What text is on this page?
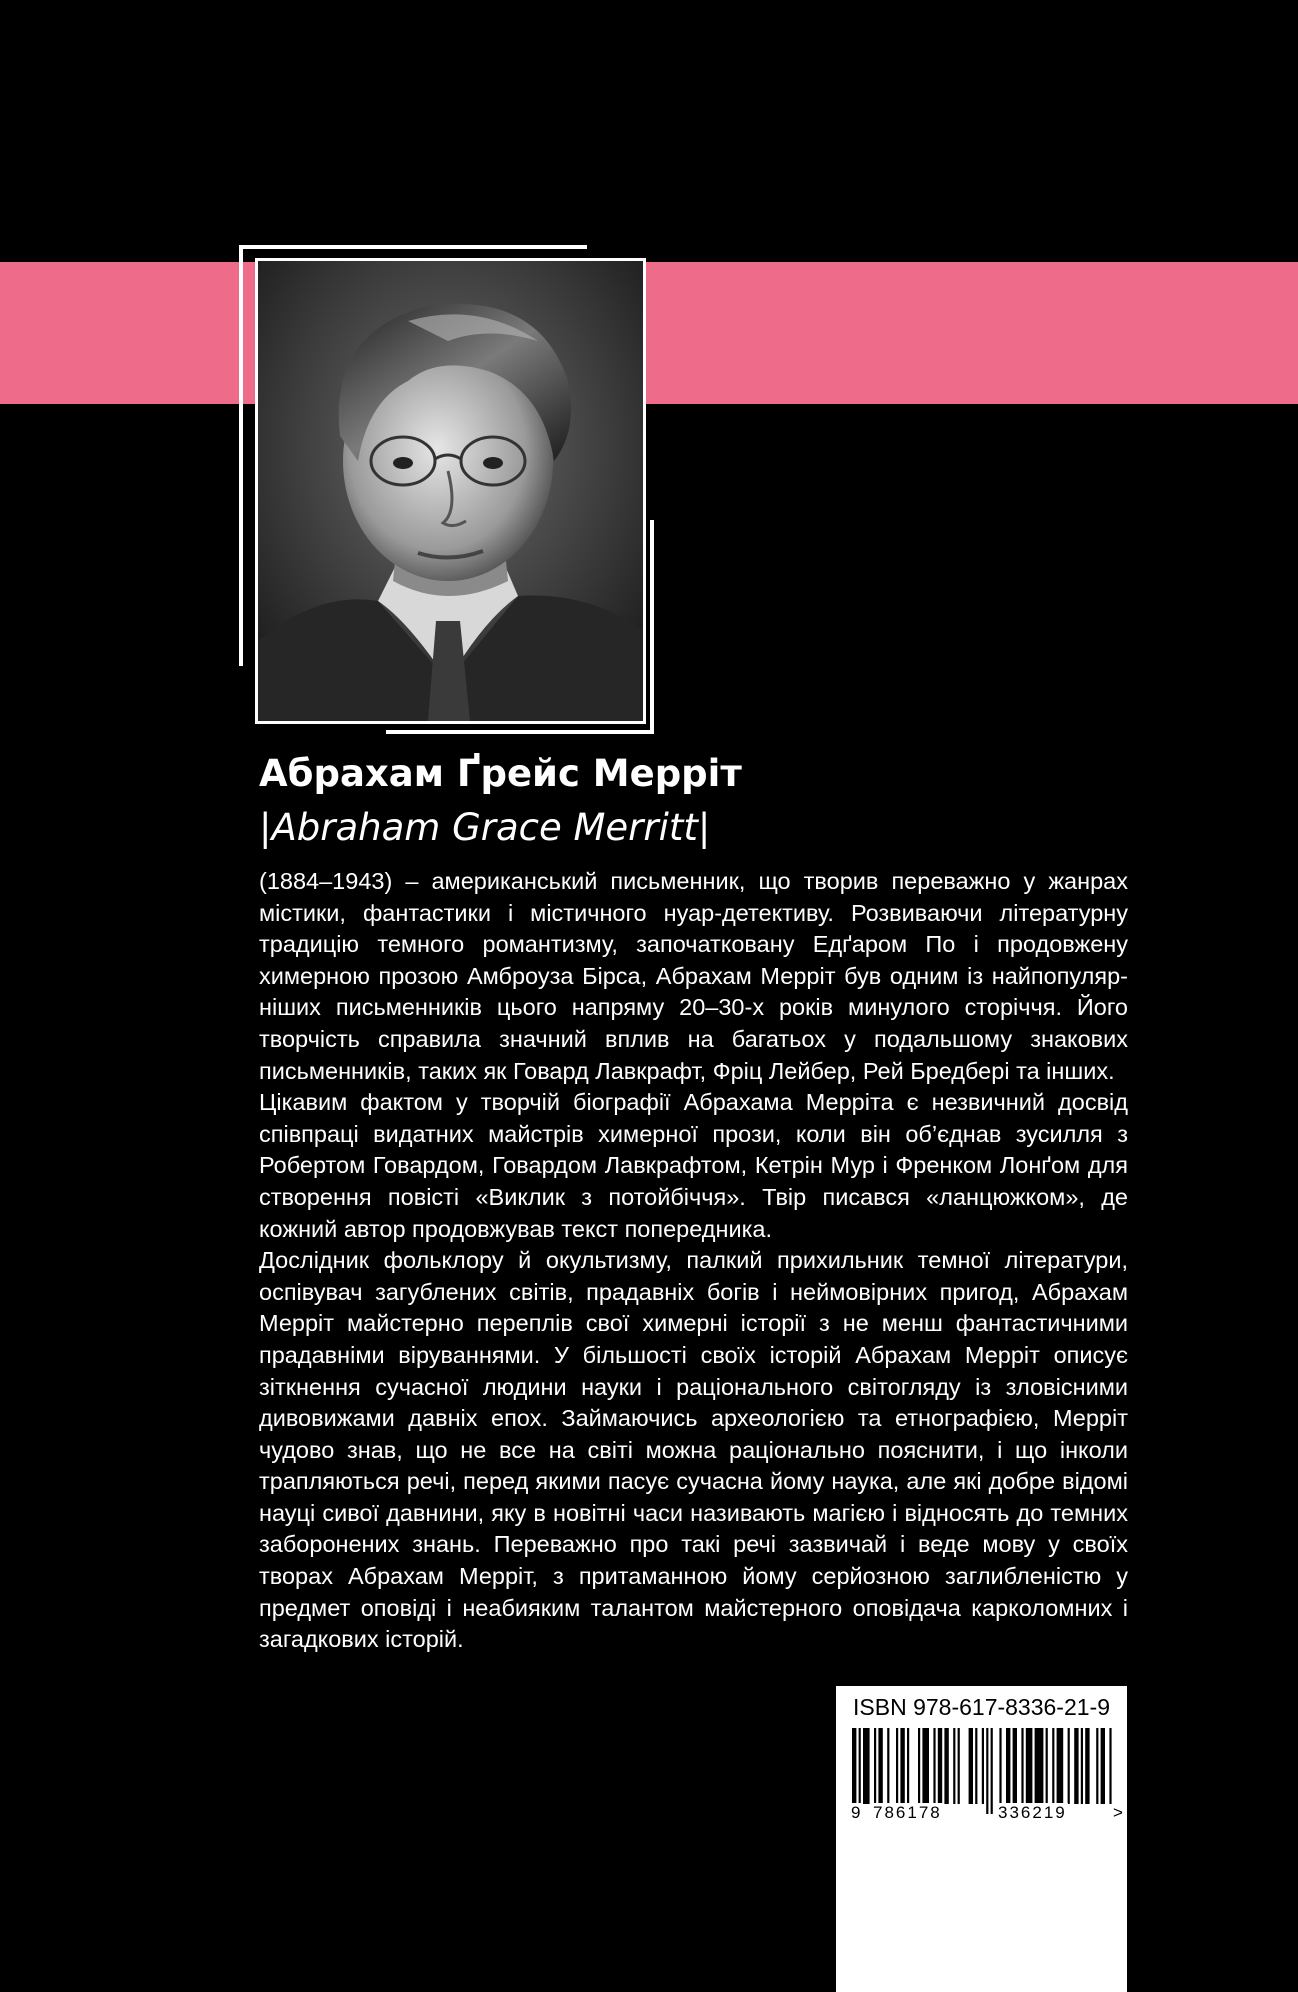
Абрахам Ґрейс Мерріт
|Abraham Grace Merritt|

(1884–1943) – американський письменник, що творив переважно у жанрах містики, фантастики і містичного нуар-детективу. Розвиваючи літературну традицію темного романтизму, започатковану Едґаром По і продовжену химерною прозою Амброуза Бірса, Абрахам Мерріт був одним із найпопулярніших письменників цього напряму 20–30-х років минулого сторіччя. Його творчість справила значний вплив на багатьох у подальшому знакових письменників, таких як Говард Лавкрафт, Фріц Лейбер, Рей Бредбері та інших.

Цікавим фактом у творчій біографії Абрахама Мерріта є незвичний досвід співпраці видатних майстрів химерної прози, коли він об’єднав зусилля з Робертом Говардом, Говардом Лавкрафтом, Кетрін Мур і Френком Лонґом для створення повісті «Виклик з потойбіччя». Твір писався «ланцюжком», де кожний автор продовжував текст попередника.

Дослідник фольклору й окультизму, палкий прихильник темної літератури, оспівувач загублених світів, прадавніх богів і неймовірних пригод, Абрахам Мерріт майстерно переплів свої химерні історії з не менш фантастичними прадавніми віруваннями. У більшості своїх історій Абрахам Мерріт описує зіткнення сучасної людини науки і раціонального світогляду із зловісними дивовижами давніх епох. Займаючись археологією та етнографією, Мерріт чудово знав, що не все на світі можна раціонально пояснити, і що інколи трапляються речі, перед якими пасує сучасна йому наука, але які добре відомі науці сивої давнини, яку в новітні часи називають магією і відносять до темних заборонених знань. Переважно про такі речі зазвичай і веде мову у своїх творах Абрахам Мерріт, з притаманною йому серйозною заглибленістю у предмет оповіді і неабияким талантом майстерного оповідача карколомних і загадкових історій.

ISBN 978-617-8336-21-9
9 786178	336219	>
